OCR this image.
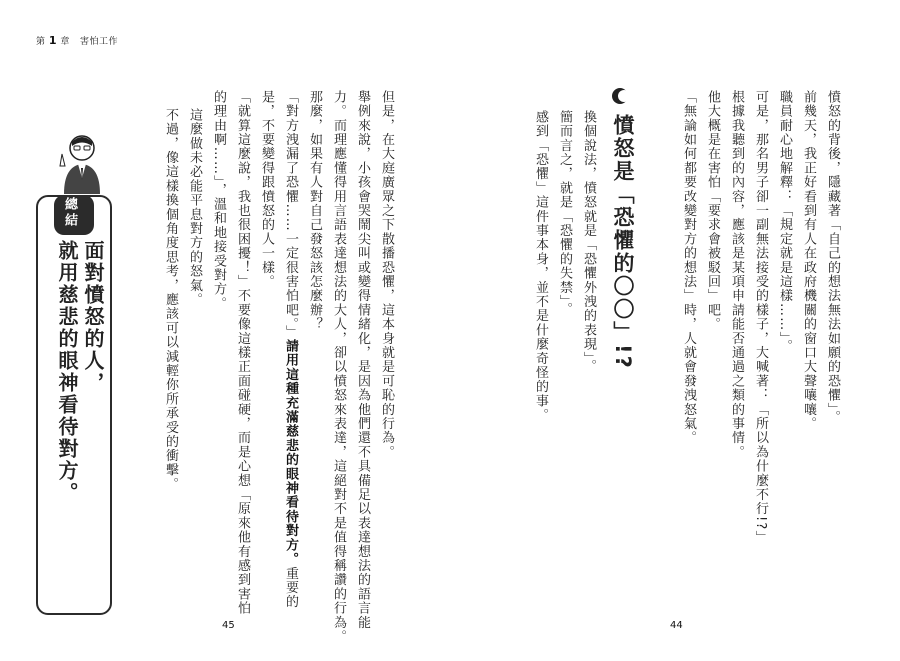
第 1 章 害怕工作
憤怒的背後，隱藏著「自己的想法無法如願的恐懼」。
前幾天，我正好看到有人在政府機關的窗口大聲嚷嚷。
職員耐心地解釋：「規定就是這樣……」。
可是，那名男子卻一副無法接受的樣子，大喊著：「所以為什麼不行!?」
根據我聽到的內容，應該是某項申請能否通過之類的事情。
他大概是在害怕「要求會被駁回」吧。
「無論如何都要改變對方的想法」時，人就會發洩怒氣。
憤怒是「恐懼的〇〇」!?
換個說法，憤怒就是「恐懼外洩的表現」。
簡而言之，就是「恐懼的失禁」。
感到「恐懼」這件事本身，並不是什麼奇怪的事。
44
但是，在大庭廣眾之下散播恐懼，這本身就是可恥的行為。
舉例來說，小孩會哭鬧尖叫或變得情緒化，是因為他們還不具備足以表達想法的語言能
力。而理應懂得用言語表達想法的大人，卻以憤怒來表達，這絕對不是值得稱讚的行為。
那麼，如果有人對自己發怒該怎麼辦？
「對方洩漏了恐懼……一定很害怕吧。」請用這種充滿慈悲的眼神看待對方。重要的
是，不要變得跟憤怒的人一樣。
「就算這麼說，我也很困擾！」不要像這樣正面碰硬，而是心想「原來他有感到害怕
的理由啊……」，溫和地接受對方。
這麼做未必能平息對方的怒氣。
不過，像這樣換個角度思考，應該可以減輕你所承受的衝擊。
總結
面對憤怒的人，
就用慈悲的眼神看待對方。
45
